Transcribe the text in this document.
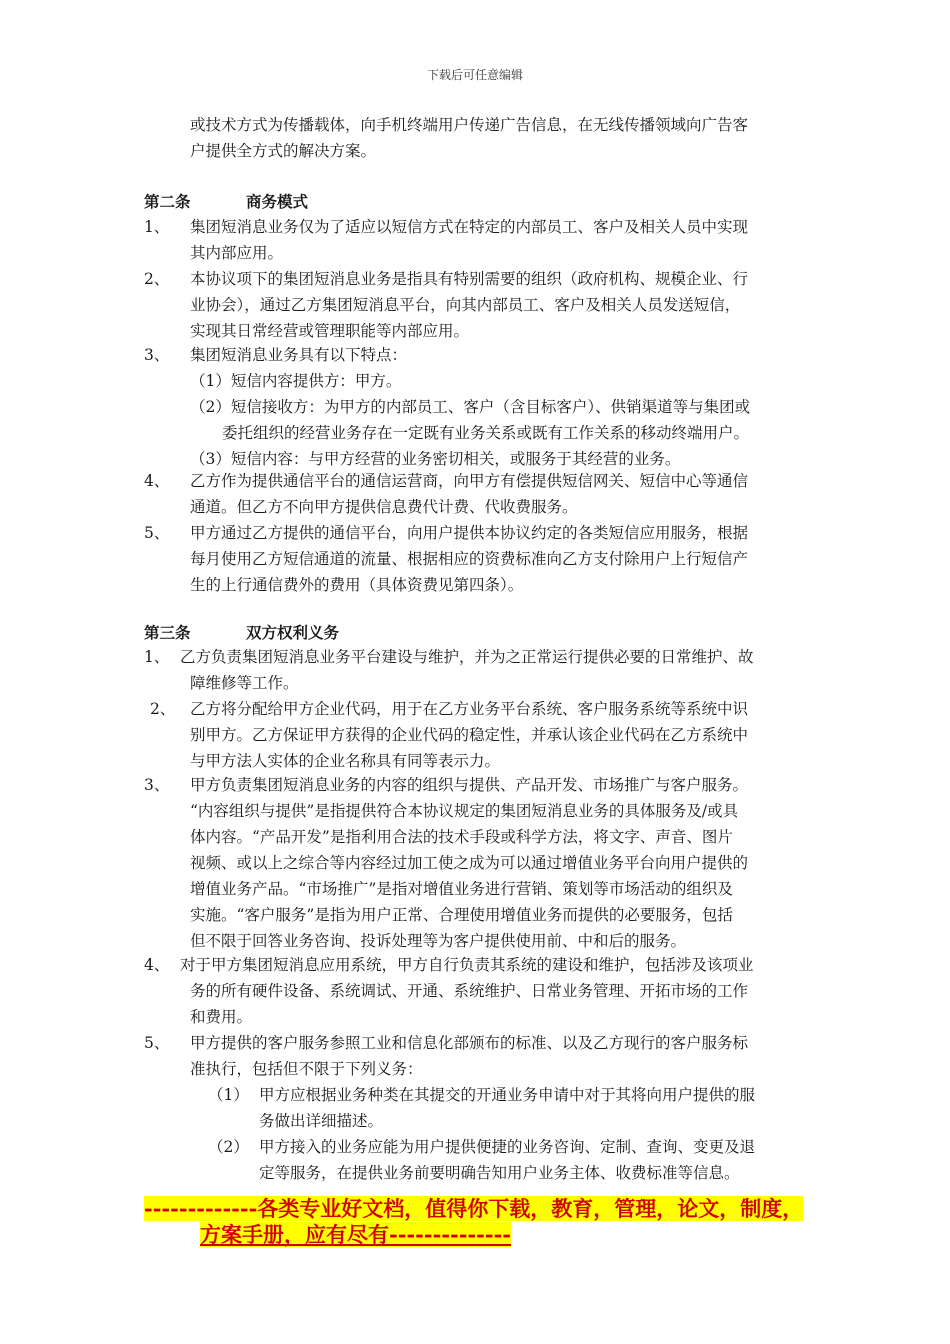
下载后可任意编辑
或技术方式为传播载体，向手机终端用户传递广告信息，在无线传播领域向广告客
户提供全方式的解决方案。
第二条	商务模式
1、 集团短消息业务仅为了适应以短信方式在特定的内部员工、客户及相关人员中实现
其内部应用。
2、 本协议项下的集团短消息业务是指具有特别需要的组织（政府机构、规模企业、行
业协会），通过乙方集团短消息平台，向其内部员工、客户及相关人员发送短信，
实现其日常经营或管理职能等内部应用。
3、 集团短消息业务具有以下特点：
（1）短信内容提供方：甲方。
（2）短信接收方：为甲方的内部员工、客户（含目标客户）、供销渠道等与集团或
委托组织的经营业务存在一定既有业务关系或既有工作关系的移动终端用户。
（3）短信内容：与甲方经营的业务密切相关，或服务于其经营的业务。
4、 乙方作为提供通信平台的通信运营商，向甲方有偿提供短信网关、短信中心等通信
通道。但乙方不向甲方提供信息费代计费、代收费服务。
5、 甲方通过乙方提供的通信平台，向用户提供本协议约定的各类短信应用服务，根据
每月使用乙方短信通道的流量、根据相应的资费标准向乙方支付除用户上行短信产
生的上行通信费外的费用（具体资费见第四条）。
第三条	双方权利义务
1、 乙方负责集团短消息业务平台建设与维护，并为之正常运行提供必要的日常维护、故
障维修等工作。
2、 乙方将分配给甲方企业代码，用于在乙方业务平台系统、客户服务系统等系统中识
别甲方。乙方保证甲方获得的企业代码的稳定性，并承认该企业代码在乙方系统中
与甲方法人实体的企业名称具有同等表示力。
3、 甲方负责集团短消息业务的内容的组织与提供、产品开发、市场推广与客户服务。
“内容组织与提供”是指提供符合本协议规定的集团短消息业务的具体服务及/或具
体内容。“产品开发”是指利用合法的技术手段或科学方法，将文字、声音、图片
视频、或以上之综合等内容经过加工使之成为可以通过增值业务平台向用户提供的
增值业务产品。“市场推广”是指对增值业务进行营销、策划等市场活动的组织及
实施。“客户服务”是指为用户正常、合理使用增值业务而提供的必要服务，包括
但不限于回答业务咨询、投诉处理等为客户提供使用前、中和后的服务。
4、 对于甲方集团短消息应用系统，甲方自行负责其系统的建设和维护，包括涉及该项业
务的所有硬件设备、系统调试、开通、系统维护、日常业务管理、开拓市场的工作
和费用。
5、 甲方提供的客户服务参照工业和信息化部颁布的标准、以及乙方现行的客户服务标
准执行，包括但不限于下列义务：
（1） 甲方应根据业务种类在其提交的开通业务申请中对于其将向用户提供的服
务做出详细描述。
（2） 甲方接入的业务应能为用户提供便捷的业务咨询、定制、查询、变更及退
定等服务，在提供业务前要明确告知用户业务主体、收费标准等信息。
-------------各类专业好文档，值得你下载，教育，管理，论文，制度，
方案手册，应有尽有--------------
